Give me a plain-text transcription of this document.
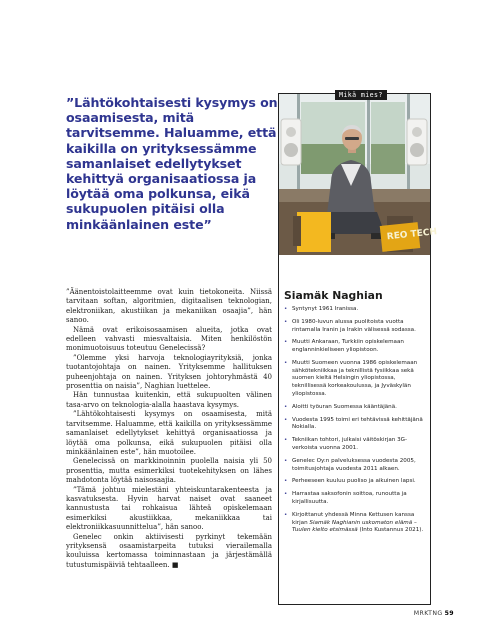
”Lähtökohtaisesti kysymys on osaamisesta, mitä tarvitsemme. Haluamme, että kaikilla on yrityksessämme samanlaiset edellytykset kehittyä organisaatiossa ja löytää oma polkunsa, eikä sukupuolen pitäisi olla minkäänlainen este”

”Äänentoistolaitteemme ovat kuin tietokoneita. Niissä tarvitaan softan, algoritmien, digitaalisen teknologian, elektroniikan, akustiikan ja mekaniikan osaajia”, hän sanoo.

Nämä ovat erikoisosaamisen alueita, jotka ovat edelleen vahvasti miesvaltaisia. Miten henkilöstön monimuotoisuus toteutuu Genelecissä?

”Olemme yksi harvoja teknologiayrityksiä, jonka tuotantojohtaja on nainen. Yrityksemme hallituksen puheenjohtaja on nainen. Yrityksen johtoryhmästä 40 prosenttia on naisia”, Naghian luettelee.

Hän tunnustaa kuitenkin, että sukupuolten välinen tasa-arvo on teknologia-alalla haastava kysymys.

”Lähtökohtaisesti kysymys on osaamisesta, mitä tarvitsemme. Haluamme, että kaikilla on yrityksessämme samanlaiset edellytykset kehittyä organisaatiossa ja löytää oma polkunsa, eikä sukupuolen pitäisi olla minkäänlainen este”, hän muotoilee.

Genelecissä on markkinoinnin puolella naisia yli 50 prosenttia, mutta esimerkiksi tuotekehityksen on lähes mahdotonta löytää naisosaajia.

”Tämä johtuu mielestäni yhteiskuntarakenteesta ja kasvatuksesta. Hyvin harvat naiset ovat saaneet kannustusta tai rohkaisua lähteä opiskelemaan esimerkiksi akustiikkaa, mekaniikkaa tai elektroniikkasuunnittelua”, hän sanoo.

Genelec onkin aktiivisesti pyrkinyt tekemään yrityksensä osaamistarpeita tutuksi vierailemalla kouluissa kertomassa toiminnastaan ja järjestämällä tutustumispäiviä tehtaalleen. ■

REO TECH
Mikä mies?
Siamäk Naghian
• Syntynyt 1961 Iranissa.
• Oli 1980-luvun alussa puolitoista vuotta rintamalla Iranin ja Irakin välisessä sodassa.
• Muutti Ankaraan, Turkkiin opiskelemaan englanninkieliseen yliopistoon.
• Muutti Suomeen vuonna 1986 opiskelemaan sähkötekniikkaa ja teknillistä fysiikkaa sekä suomen kieltä Helsingin yliopistossa, teknillisessä korkeakoulussa, ja Jyväskylän yliopistossa.
• Aloitti työuran Suomessa kääntäjänä.
• Vuodesta 1995 toimi eri tehtävissä kehittäjänä Nokialla.
• Tekniikan tohtori, julkaisi väitöskirjan 3G-verkoista vuonna 2001.
• Genelec Oy:n palveluksessa vuodesta 2005, toimitusjohtaja vuodesta 2011 alkaen.
• Perheeseen kuuluu puoliso ja aikuinen lapsi.
• Harrastaa saksofonin soittoa, runoutta ja kirjallisuutta.
• Kirjoittanut yhdessä Minna Kettusen kanssa kirjan Siamäk Naghianin uskomaton elämä – Tuulen kielto etsimässä (Into Kustannus 2021).
MRKTNG 59
